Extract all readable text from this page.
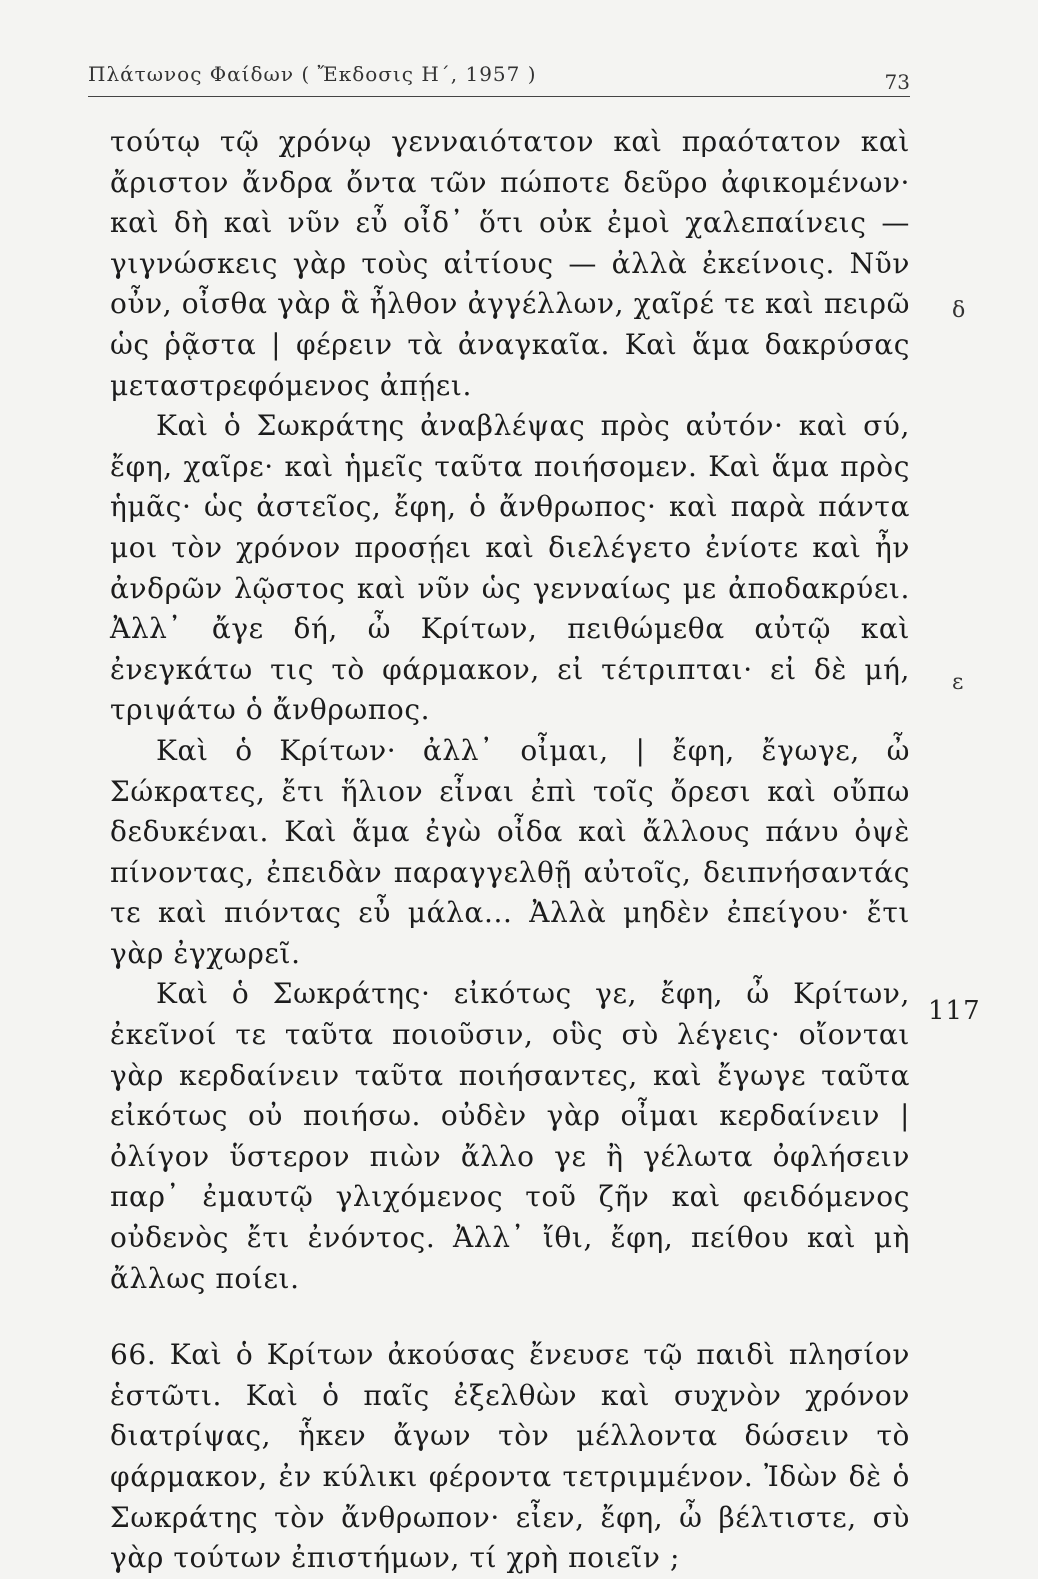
Πλάτωνος Φαίδων ( Ἔκδοσις Η΄, 1957 )	73

τούτῳ τῷ χρόνῳ γενναιότατον καὶ πραότατον καὶ ἄριστον ἄνδρα ὄντα τῶν πώποτε δεῦρο ἀφικομένων· καὶ δὴ καὶ νῦν εὖ οἶδ᾽ ὅτι οὐκ ἐμοὶ χαλεπαίνεις — γιγνώσκεις γὰρ τοὺς αἰτίους — ἀλλὰ ἐκείνοις. Νῦν οὖν, οἶσθα γὰρ ἃ ἦλθον ἀγγέλλων, χαῖρέ τε καὶ πειρῶ ὡς ῥᾷστα | φέρειν τὰ ἀναγκαῖα. Καὶ ἅμα δακρύσας μεταστρεφόμενος ἀπῄει.

Καὶ ὁ Σωκράτης ἀναβλέψας πρὸς αὐτόν· καὶ σύ, ἔφη, χαῖρε· καὶ ἡμεῖς ταῦτα ποιήσομεν. Καὶ ἅμα πρὸς ἡμᾶς· ὡς ἀστεῖος, ἔφη, ὁ ἄνθρωπος· καὶ παρὰ πάντα μοι τὸν χρόνον προσῄει καὶ διελέγετο ἐνίοτε καὶ ἦν ἀνδρῶν λῷστος καὶ νῦν ὡς γενναίως με ἀποδακρύει. Ἀλλ᾽ ἄγε δή, ὦ Κρίτων, πειθώμεθα αὐτῷ καὶ ἐνεγκάτω τις τὸ φάρμακον, εἰ τέτριπται· εἰ δὲ μή, τριψάτω ὁ ἄνθρωπος.

Καὶ ὁ Κρίτων· ἀλλ᾽ οἶμαι, | ἔφη, ἔγωγε, ὦ Σώκρατες, ἔτι ἥλιον εἶναι ἐπὶ τοῖς ὄρεσι καὶ οὔπω δεδυκέναι. Καὶ ἅμα ἐγὼ οἶδα καὶ ἄλλους πάνυ ὀψὲ πίνοντας, ἐπειδὰν παραγγελθῇ αὐτοῖς, δειπνήσαντάς τε καὶ πιόντας εὖ μάλα... Ἀλλὰ μηδὲν ἐπείγου· ἔτι γὰρ ἐγχωρεῖ.

Καὶ ὁ Σωκράτης· εἰκότως γε, ἔφη, ὦ Κρίτων, ἐκεῖνοί τε ταῦτα ποιοῦσιν, οὓς σὺ λέγεις· οἴονται γὰρ κερδαίνειν ταῦτα ποιήσαντες, καὶ ἔγωγε ταῦτα εἰκότως οὐ ποιήσω. οὐδὲν γὰρ οἶμαι κερδαίνειν | ὀλίγον ὕστερον πιὼν ἄλλο γε ἢ γέλωτα ὀφλήσειν παρ᾽ ἐμαυτῷ γλιχόμενος τοῦ ζῆν καὶ φειδόμενος οὐδενὸς ἔτι ἐνόντος. Ἀλλ᾽ ἴθι, ἔφη, πείθου καὶ μὴ ἄλλως ποίει.

66. Καὶ ὁ Κρίτων ἀκούσας ἔνευσε τῷ παιδὶ πλησίον ἑστῶτι. Καὶ ὁ παῖς ἐξελθὼν καὶ συχνὸν χρόνον διατρίψας, ἧκεν ἄγων τὸν μέλλοντα δώσειν τὸ φάρμακον, ἐν κύλικι φέροντα τετριμμένον. Ἰδὼν δὲ ὁ Σωκράτης τὸν ἄνθρωπον· εἶεν, ἔφη, ὦ βέλτιστε, σὺ γὰρ τούτων ἐπιστήμων, τί χρὴ ποιεῖν ;

δ
ε
117
